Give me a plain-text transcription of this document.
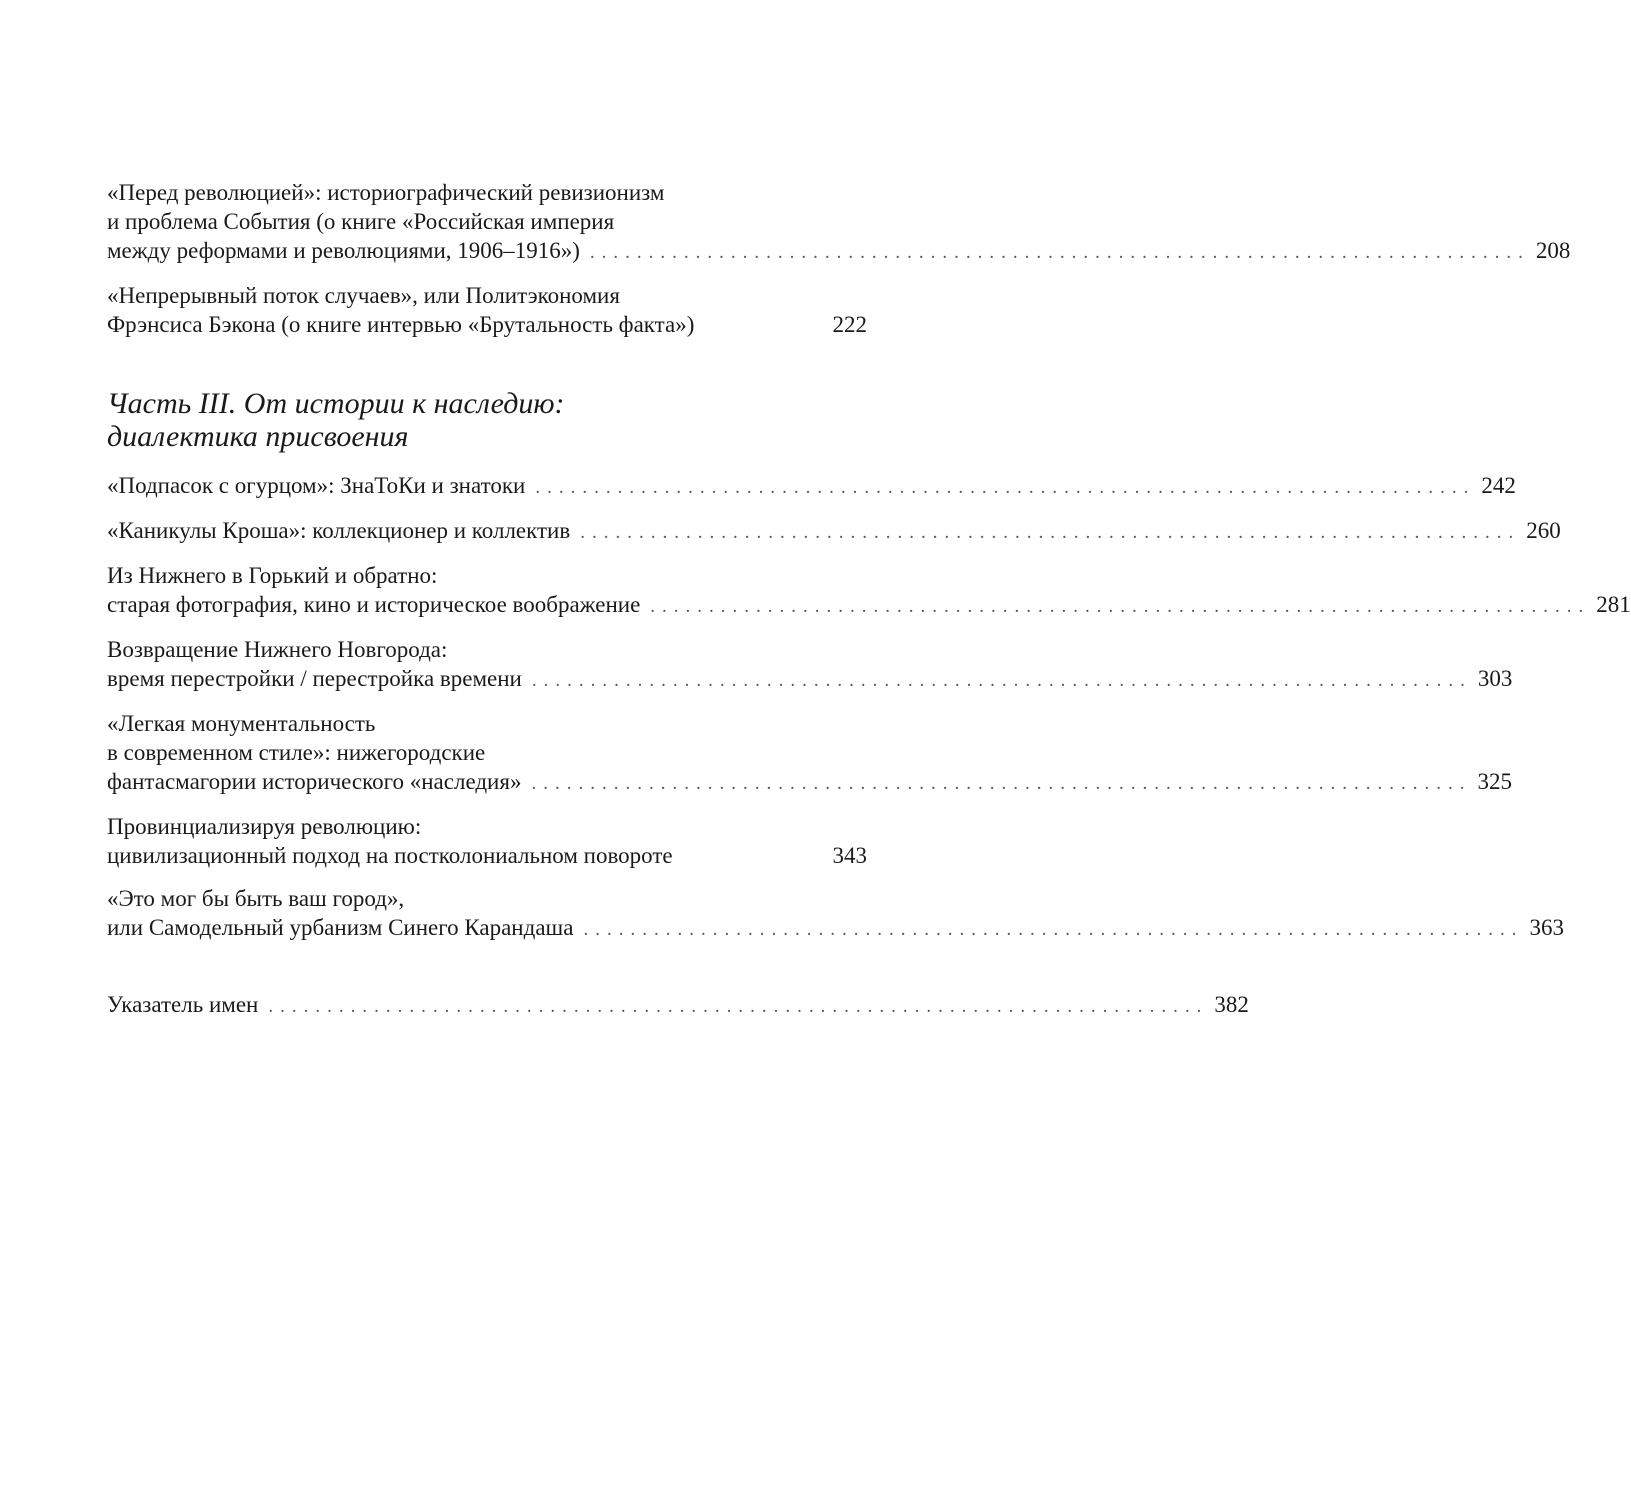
«Перед революцией»: историографический ревизионизм
и проблема События (о книге «Российская империя
между реформами и революциями, 1906–1916») ................................................................................ 208
«Непрерывный поток случаев», или Политэкономия
Фрэнсиса Бэкона (о книге интервью «Брутальность факта»)	222
Часть III. От истории к наследию:
диалектика присвоения
«Подпасок с огурцом»: ЗнаТоКи и знатоки ................................................................................ 242
«Каникулы Кроша»: коллекционер и коллектив ................................................................................ 260
Из Нижнего в Горький и обратно:
старая фотография, кино и историческое воображение ................................................................................ 281
Возвращение Нижнего Новгорода:
время перестройки / перестройка времени ................................................................................ 303
«Легкая монументальность
в современном стиле»: нижегородские
фантасмагории исторического «наследия» ................................................................................ 325
Провинциализируя революцию:
цивилизационный подход на постколониальном повороте	343
«Это мог бы быть ваш город»,
или Самодельный урбанизм Синего Карандаша ................................................................................ 363
Указатель имен ................................................................................ 382
